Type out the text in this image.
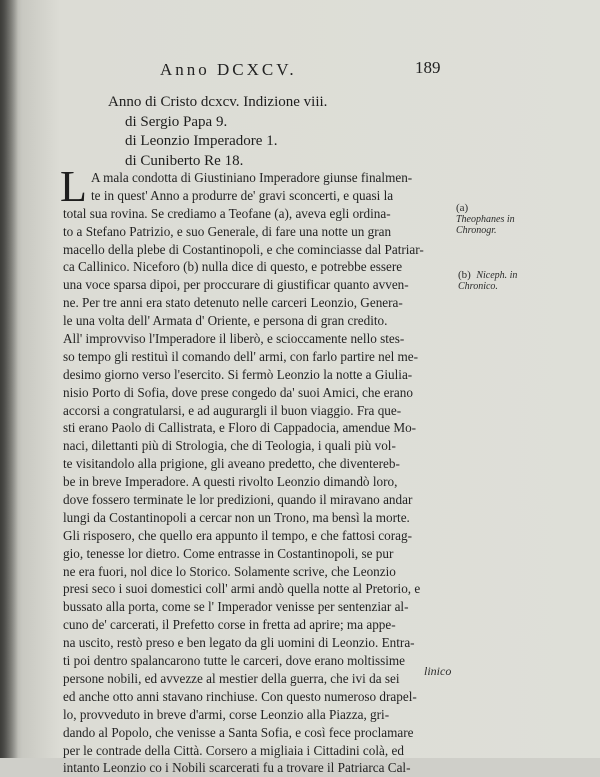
Anno DCXCV.	189
Anno di Cristo dcxcv. Indizione viii.
di Sergio Papa 9.
di Leonzio Imperadore 1.
di Cuniberto Re 18.
L A mala condotta di Giustiniano Imperadore giunse finalmen-
te in quest' Anno a produrre de' gravi sconcerti, e quasi la
total sua rovina. Se crediamo a Teofane (a), aveva egli ordina-
to a Stefano Patrizio, e suo Generale, di fare una notte un gran
macello della plebe di Costantinopoli, e che cominciasse dal Patriar-
ca Callinico. Niceforo (b) nulla dice di questo, e potrebbe essere
una voce sparsa dipoi, per proccurare di giustificar quanto avven-
ne. Per tre anni era stato detenuto nelle carceri Leonzio, Genera-
le una volta dell' Armata d' Oriente, e persona di gran credito.
All' improvviso l'Imperadore il liberò, e scioccamente nello stes-
so tempo gli restituì il comando dell' armi, con farlo partire nel me-
desimo giorno verso l'esercito. Si fermò Leonzio la notte a Giulia-
nisio Porto di Sofia, dove prese congedo da' suoi Amici, che erano
accorsi a congratularsi, e ad augurargli il buon viaggio. Fra que-
sti erano Paolo di Callistrata, e Floro di Cappadocia, amendue Mo-
naci, dilettanti più di Strologia, che di Teologia, i quali più vol-
te visitandolo alla prigione, gli aveano predetto, che diventereb-
be in breve Imperadore. A questi rivolto Leonzio dimandò loro,
dove fossero terminate le lor predizioni, quando il miravano andar
lungi da Costantinopoli a cercar non un Trono, ma bensì la morte.
Gli risposero, che quello era appunto il tempo, e che fattosi corag-
gio, tenesse lor dietro. Come entrasse in Costantinopoli, se pur
ne era fuori, nol dice lo Storico. Solamente scrive, che Leonzio
presi seco i suoi domestici coll' armi andò quella notte al Pretorio, e
bussato alla porta, come se l' Imperador venisse per sentenziar al-
cuno de' carcerati, il Prefetto corse in fretta ad aprire; ma appe-
na uscito, restò preso e ben legato da gli uomini di Leonzio. Entra-
ti poi dentro spalancarono tutte le carceri, dove erano moltissime
persone nobili, ed avvezze al mestier della guerra, che ivi da sei
ed anche otto anni stavano rinchiuse. Con questo numeroso drapel-
lo, provveduto in breve d'armi, corse Leonzio alla Piazza, gri-
dando al Popolo, che venisse a Santa Sofia, e così fece proclamare
per le contrade della Città. Corsero a migliaia i Cittadini colà, ed
intanto Leonzio co i Nobili scarcerati fu a trovare il Patriarca Cal-
linico
(a) Theophanes in Chronogr.
(b) Niceph. in Chronico.
